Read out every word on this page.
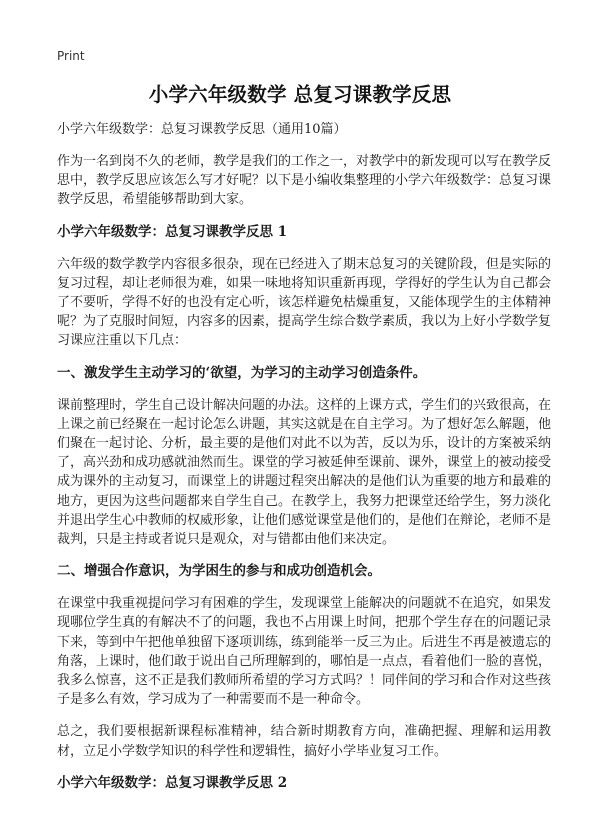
Print
小学六年级数学 总复习课教学反思
小学六年级数学：总复习课教学反思（通用10篇）

作为一名到岗不久的老师，教学是我们的工作之一，对教学中的新发现可以写在教学反思中，教学反思应该怎么写才好呢？以下是小编收集整理的小学六年级数学：总复习课教学反思，希望能够帮助到大家。

小学六年级数学：总复习课教学反思 1

六年级的数学教学内容很多很杂，现在已经进入了期末总复习的关键阶段，但是实际的复习过程，却让老师很为难，如果一味地将知识重新再现，学得好的学生认为自己都会了不要听，学得不好的也没有定心听，该怎样避免枯燥重复，又能体现学生的主体精神呢？为了克服时间短，内容多的因素，提高学生综合数学素质，我以为上好小学数学复习课应注重以下几点：

一、激发学生主动学习的‘欲望，为学习的主动学习创造条件。

课前整理时，学生自己设计解决问题的办法。这样的上课方式，学生们的兴致很高，在上课之前已经聚在一起讨论怎么讲题，其实这就是在自主学习。为了想好怎么解题，他们聚在一起讨论、分析，最主要的是他们对此不以为苦，反以为乐，设计的方案被采纳了，高兴劲和成功感就油然而生。课堂的学习被延伸至课前、课外，课堂上的被动接受成为课外的主动复习，而课堂上的讲题过程突出解决的是他们认为重要的地方和最难的地方，更因为这些问题都来自学生自己。在教学上，我努力把课堂还给学生，努力淡化并退出学生心中教师的权威形象，让他们感觉课堂是他们的，是他们在辩论，老师不是裁判，只是主持或者说只是观众，对与错都由他们来决定。

二、增强合作意识，为学困生的参与和成功创造机会。

在课堂中我重视提问学习有困难的学生，发现课堂上能解决的问题就不在追究，如果发现哪位学生真的有解决不了的问题，我也不占用课上时间，把那个学生存在的问题记录下来，等到中午把他单独留下逐项训练，练到能举一反三为止。后进生不再是被遗忘的角落，上课时，他们敢于说出自己所理解到的，哪怕是一点点，看着他们一脸的喜悦，我多么惊喜，这不正是我们教师所希望的学习方式吗？！同伴间的学习和合作对这些孩子是多么有效，学习成为了一种需要而不是一种命令。

总之，我们要根据新课程标准精神，结合新时期教育方向，准确把握、理解和运用教材，立足小学数学知识的科学性和逻辑性，搞好小学毕业复习工作。

小学六年级数学：总复习课教学反思 2
